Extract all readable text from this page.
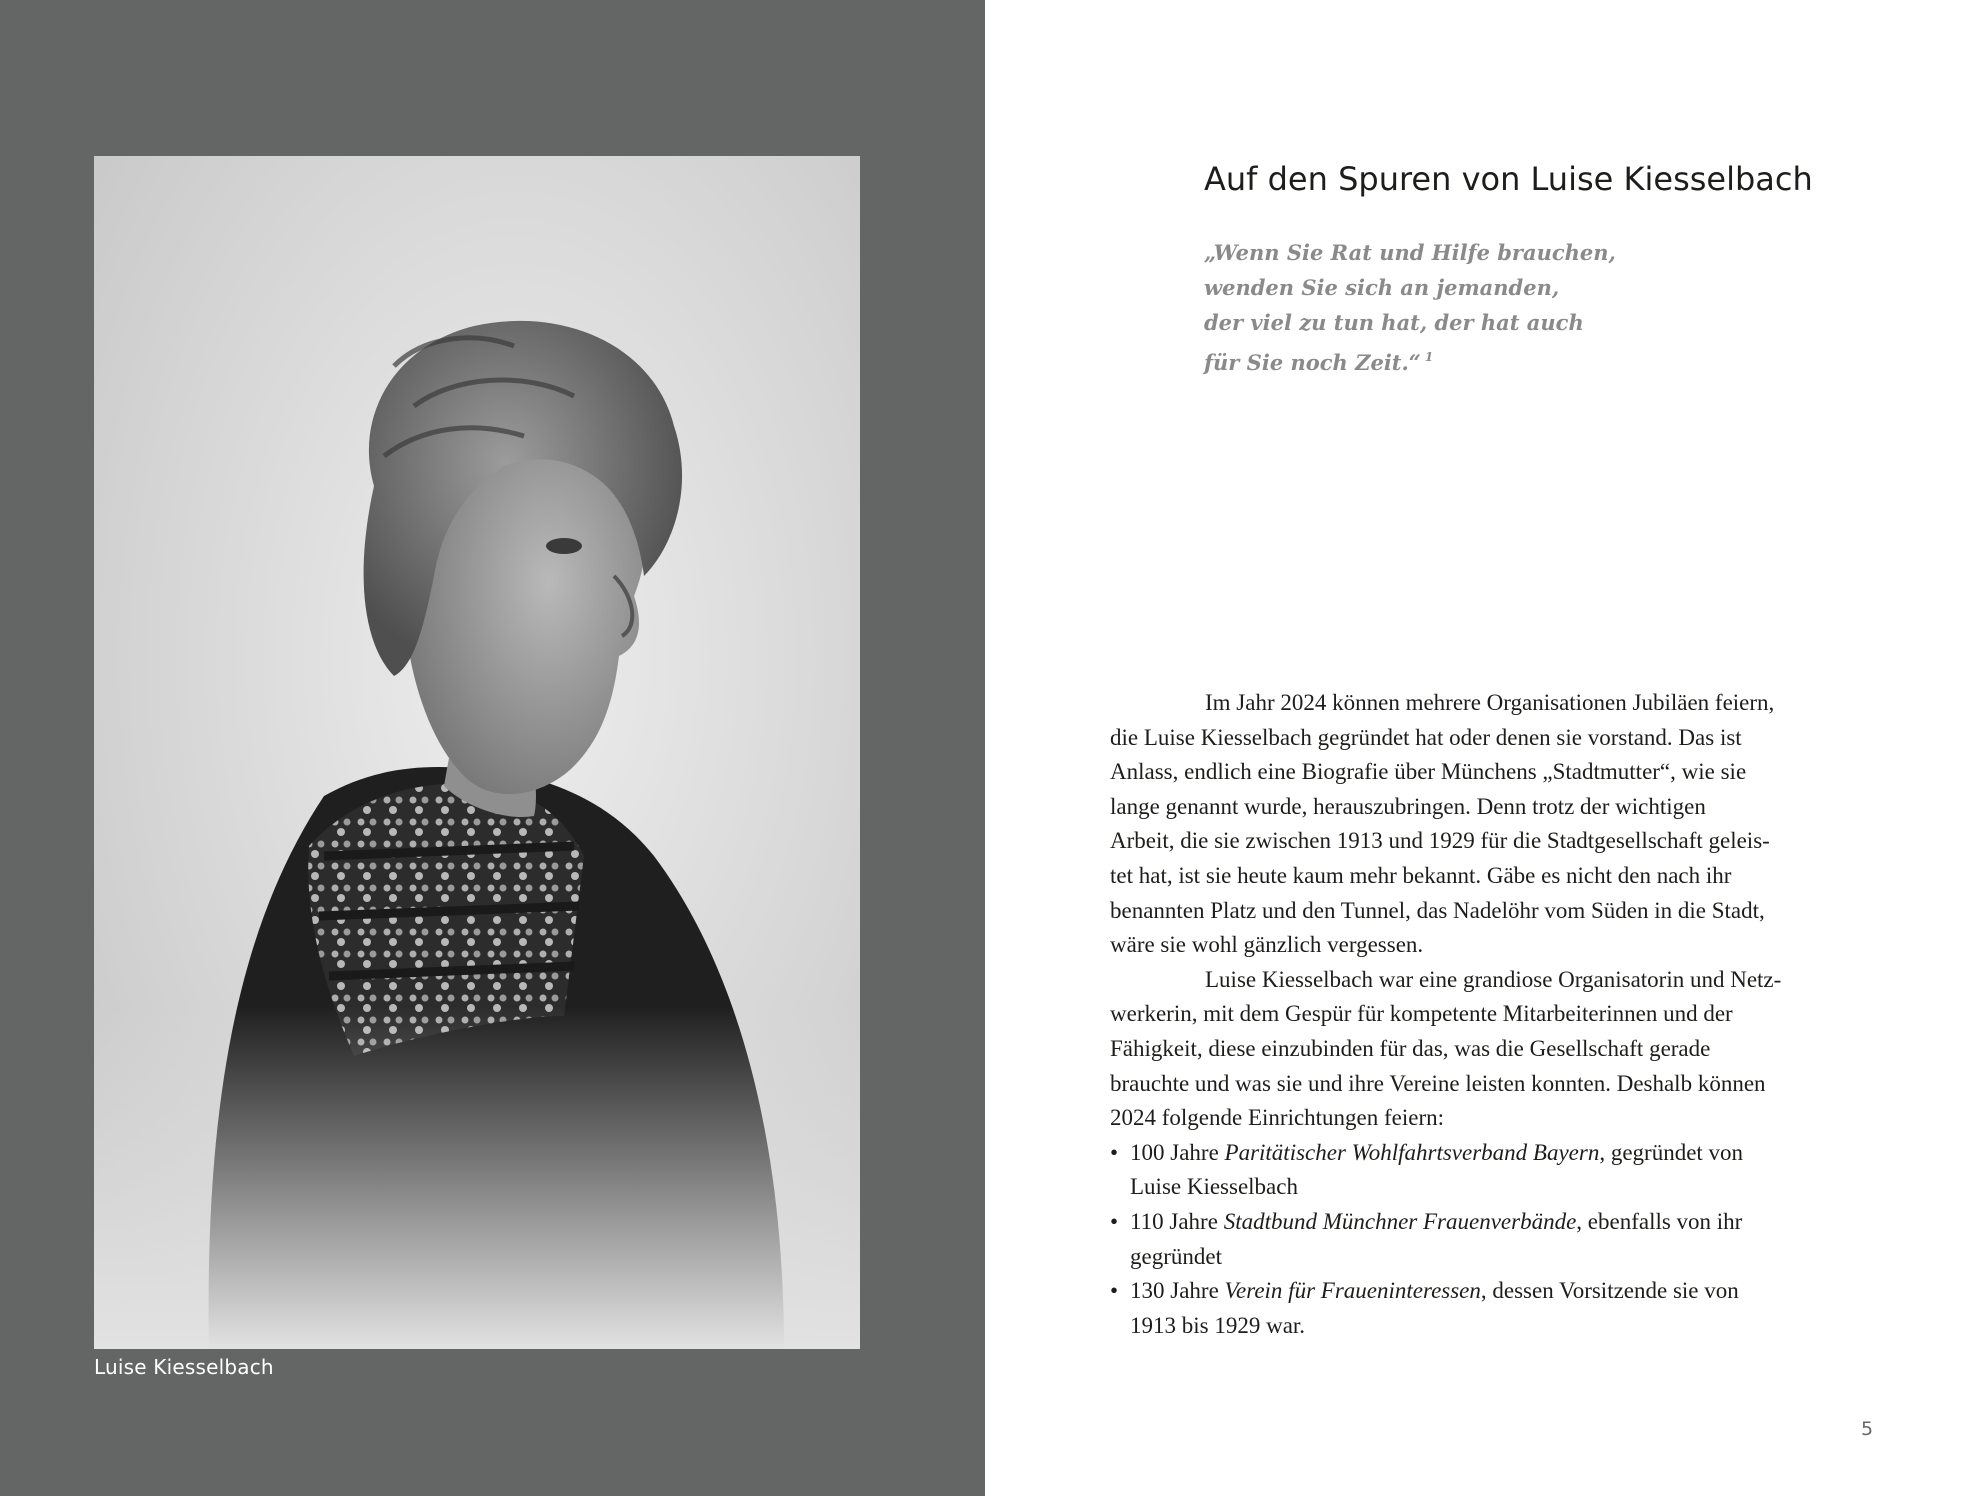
Luise Kiesselbach
Auf den Spuren von Luise Kiesselbach
„Wenn Sie Rat und Hilfe brauchen,
wenden Sie sich an jemanden,
der viel zu tun hat, der hat auch
für Sie noch Zeit.“ $^1$
Im Jahr 2024 können mehrere Organisationen Jubiläen feiern,
die Luise Kiesselbach gegründet hat oder denen sie vorstand. Das ist
Anlass, endlich eine Biografie über Münchens „Stadtmutter“, wie sie
lange genannt wurde, herauszubringen. Denn trotz der wichtigen
Arbeit, die sie zwischen 1913 und 1929 für die Stadtgesellschaft geleis-
tet hat, ist sie heute kaum mehr bekannt. Gäbe es nicht den nach ihr
benannten Platz und den Tunnel, das Nadelöhr vom Süden in die Stadt,
wäre sie wohl gänzlich vergessen.
Luise Kiesselbach war eine grandiose Organisatorin und Netz-
werkerin, mit dem Gespür für kompetente Mitarbeiterinnen und der
Fähigkeit, diese einzubinden für das, was die Gesellschaft gerade
brauchte und was sie und ihre Vereine leisten konnten. Deshalb können
2024 folgende Einrichtungen feiern:
• 100 Jahre Paritätischer Wohlfahrtsverband Bayern, gegründet von
Luise Kiesselbach
• 110 Jahre Stadtbund Münchner Frauenverbände, ebenfalls von ihr
gegründet
• 130 Jahre Verein für Fraueninteressen, dessen Vorsitzende sie von
1913 bis 1929 war.
5
